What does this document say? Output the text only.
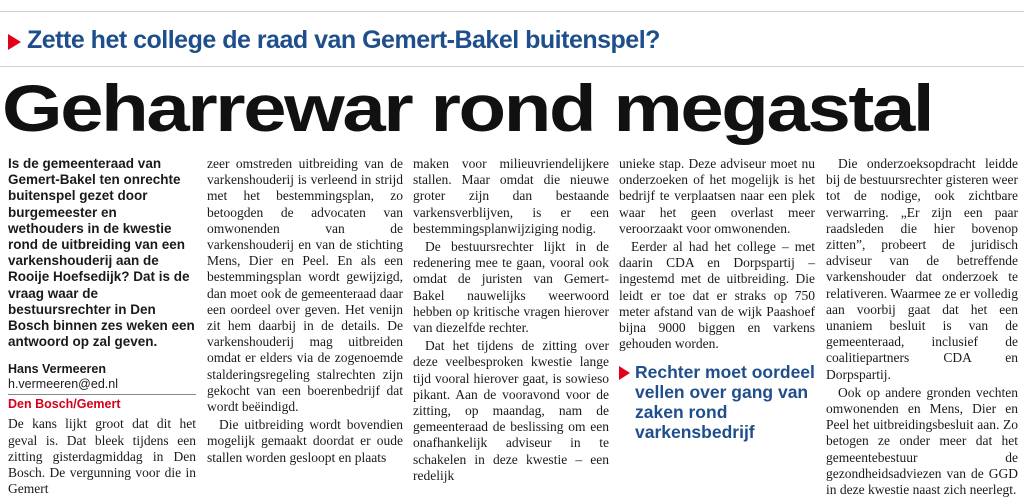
Zette het college de raad van Gemert-Bakel buitenspel?
Geharrewar rond megastal

Is de gemeenteraad van Gemert-Bakel ten onrechte buitenspel gezet door burgemeester en wethouders in de kwestie rond de uitbreiding van een varkenshouderij aan de Rooije Hoefsedijk? Dat is de vraag waar de bestuursrechter in Den Bosch binnen zes weken een antwoord op zal geven.

Hans Vermeeren
h.vermeeren@ed.nl
Den Bosch/Gemert

De kans lijkt groot dat dit het geval is. Dat bleek tijdens een zitting gisterdagmiddag in Den Bosch. De vergunning voor die in Gemert

zeer omstreden uitbreiding van de varkenshouderij is verleend in strijd met het bestemmingsplan, zo betoogden de advocaten van omwonenden van de varkenshouderij en van de stichting Mens, Dier en Peel. En als een bestemmingsplan wordt gewijzigd, dan moet ook de gemeenteraad daar een oordeel over geven. Het venijn zit hem daarbij in de details. De varkenshouderij mag uitbreiden omdat er elders via de zogenoemde stalderingsregeling stalrechten zijn gekocht van een boerenbedrijf dat wordt beëindigd.

Die uitbreiding wordt bovendien mogelijk gemaakt doordat er oude stallen worden gesloopt en plaats

maken voor milieuvriendelijkere stallen. Maar omdat die nieuwe groter zijn dan bestaande varkensverblijven, is er een bestemmingsplanwijziging nodig.

De bestuursrechter lijkt in de redenering mee te gaan, vooral ook omdat de juristen van Gemert-Bakel nauwelijks weerwoord hebben op kritische vragen hierover van diezelfde rechter.

Dat het tijdens de zitting over deze veelbesproken kwestie lange tijd vooral hierover gaat, is sowieso pikant. Aan de vooravond voor de zitting, op maandag, nam de gemeenteraad de beslissing om een onafhankelijk adviseur in te schakelen in deze kwestie – een redelijk

unieke stap. Deze adviseur moet nu onderzoeken of het mogelijk is het bedrijf te verplaatsen naar een plek waar het geen overlast meer veroorzaakt voor omwonenden.

Eerder al had het college – met daarin CDA en Dorpspartij – ingestemd met de uitbreiding. Die leidt er toe dat er straks op 750 meter afstand van de wijk Paashoef bijna 9000 biggen en varkens gehouden worden.

Rechter moet oordeel vellen over gang van zaken rond varkensbedrijf

Die onderzoeksopdracht leidde bij de bestuursrechter gisteren weer tot de nodige, ook zichtbare verwarring. „Er zijn een paar raadsleden die hier bovenop zitten”, probeert de juridisch adviseur van de betreffende varkenshouder dat onderzoek te relativeren. Waarmee ze er volledig aan voorbij gaat dat het een unaniem besluit is van de gemeenteraad, inclusief de coalitiepartners CDA en Dorpspartij.

Ook op andere gronden vechten omwonenden en Mens, Dier en Peel het uitbreidingsbesluit aan. Zo betogen ze onder meer dat het gemeentebestuur de gezondheidsadviezen van de GGD in deze kwestie naast zich neerlegt.
